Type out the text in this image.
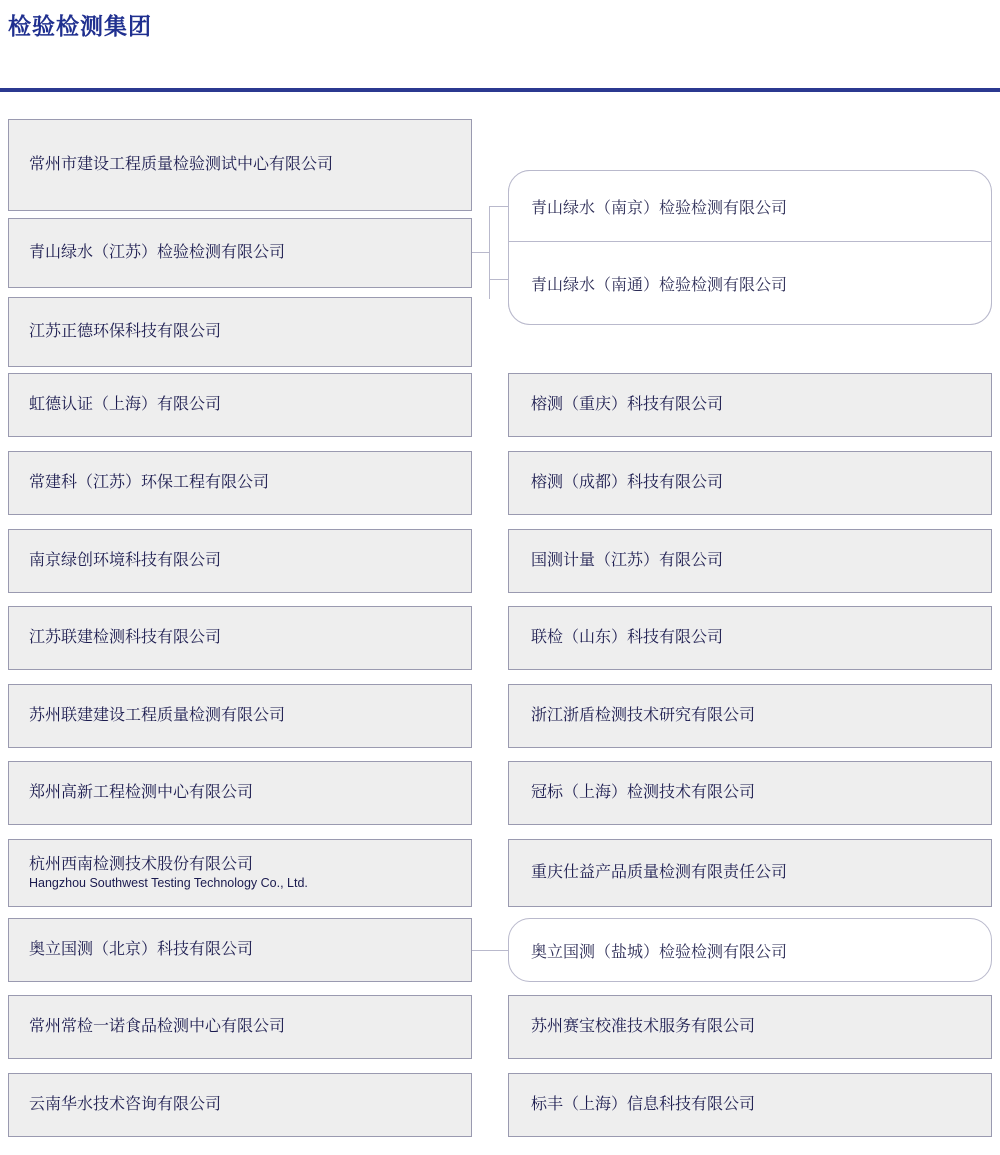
检验检测集团
常州市建设工程质量检验测试中心有限公司
青山绿水（江苏）检验检测有限公司
江苏正德环保科技有限公司
虹德认证（上海）有限公司
常建科（江苏）环保工程有限公司
南京绿创环境科技有限公司
江苏联建检测科技有限公司
苏州联建建设工程质量检测有限公司
郑州高新工程检测中心有限公司
杭州西南检测技术股份有限公司
Hangzhou Southwest Testing Technology Co., Ltd.
奥立国测（北京）科技有限公司
常州常检一诺食品检测中心有限公司
云南华水技术咨询有限公司
青山绿水（南京）检验检测有限公司
青山绿水（南通）检验检测有限公司
榕测（重庆）科技有限公司
榕测（成都）科技有限公司
国测计量（江苏）有限公司
联检（山东）科技有限公司
浙江浙盾检测技术研究有限公司
冠标（上海）检测技术有限公司
重庆仕益产品质量检测有限责任公司
奥立国测（盐城）检验检测有限公司
苏州赛宝校准技术服务有限公司
标丰（上海）信息科技有限公司
